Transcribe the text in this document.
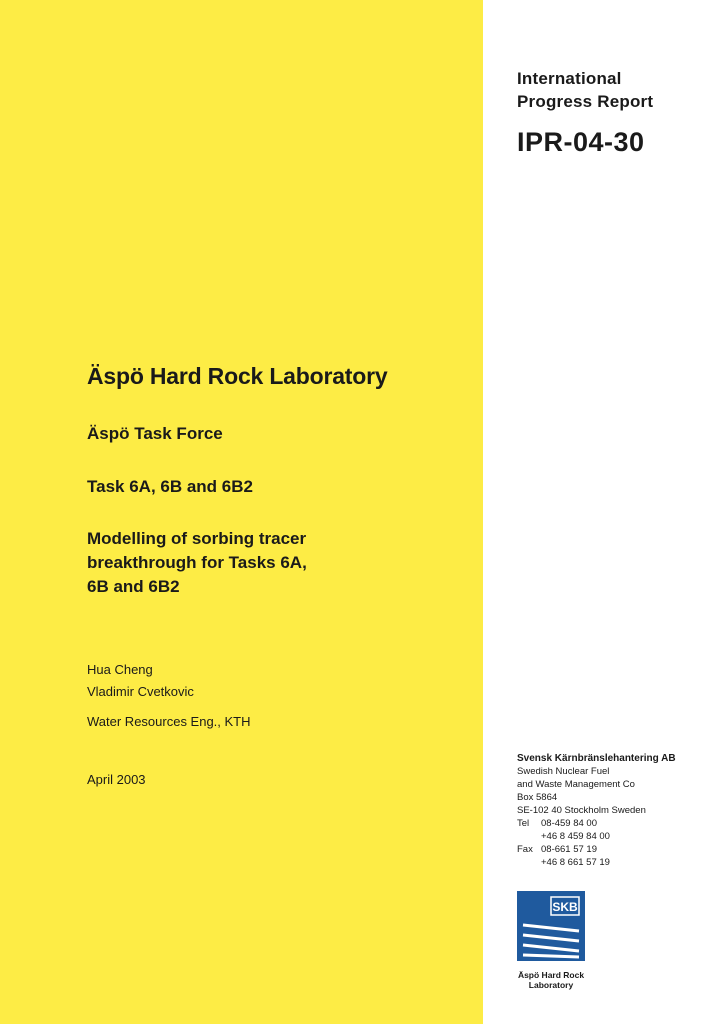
International
Progress Report
IPR-04-30
Äspö Hard Rock Laboratory
Äspö Task Force
Task 6A, 6B and 6B2
Modelling of sorbing tracer
breakthrough for Tasks 6A,
6B and 6B2
Hua Cheng
Vladimir Cvetkovic
Water Resources Eng., KTH
April 2003
Svensk Kärnbränslehantering AB
Swedish Nuclear Fuel
and Waste Management Co
Box 5864
SE-102 40 Stockholm Sweden
Tel	08-459 84 00
+46 8 459 84 00
Fax 08-661 57 19
+46 8 661 57 19
SKB
Äspö Hard Rock
Laboratory
